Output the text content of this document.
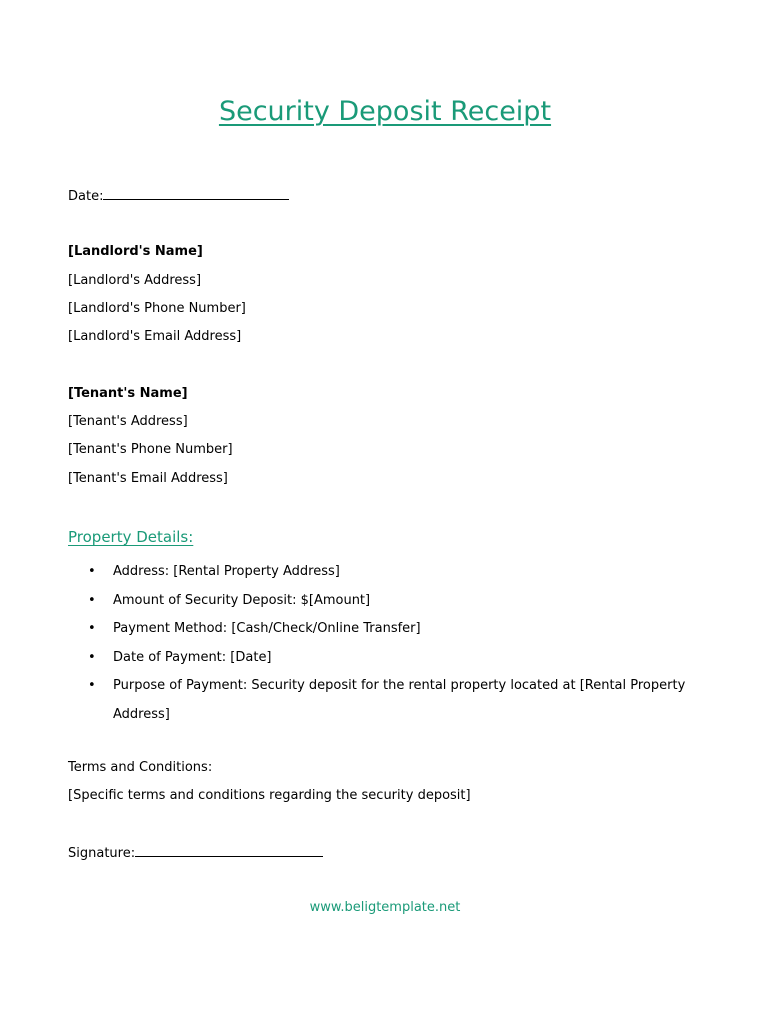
Security Deposit Receipt
Date:
[Landlord's Name]
[Landlord's Address]
[Landlord's Phone Number]
[Landlord's Email Address]
[Tenant's Name]
[Tenant's Address]
[Tenant's Phone Number]
[Tenant's Email Address]
Property Details:
• Address: [Rental Property Address]
• Amount of Security Deposit: $[Amount]
• Payment Method: [Cash/Check/Online Transfer]
• Date of Payment: [Date]
• Purpose of Payment: Security deposit for the rental property located at [Rental Property Address]
Terms and Conditions:
[Specific terms and conditions regarding the security deposit]
Signature:
www.beligtemplate.net
